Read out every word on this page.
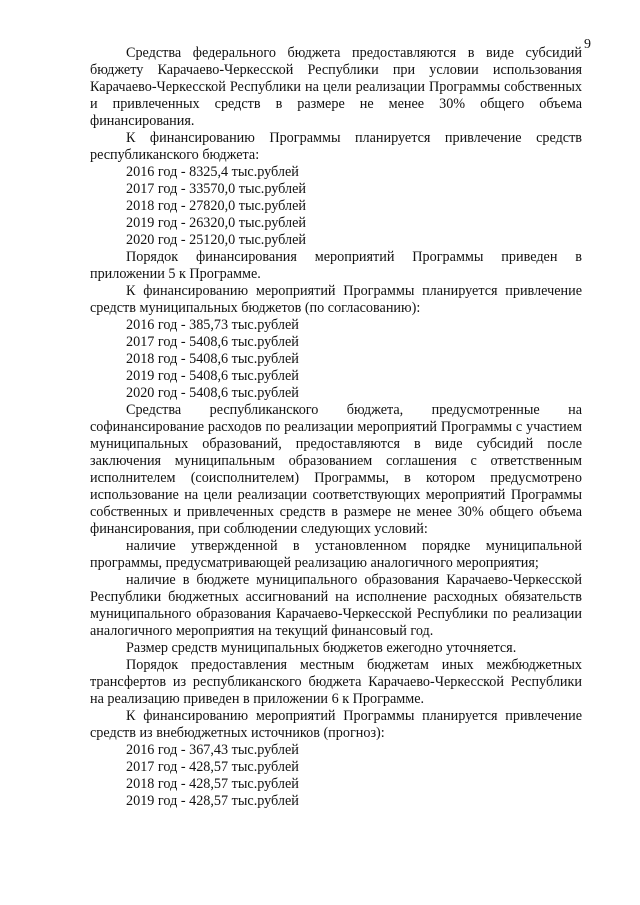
9

Средства федерального бюджета предоставляются в виде субсидий бюджету Карачаево-Черкесской Республики при условии использования Карачаево-Черкесской Республики на цели реализации Программы собственных и привлеченных средств в размере не менее 30% общего объема финансирования.

К финансированию Программы планируется привлечение средств республиканского бюджета:

2016 год - 8325,4 тыс.рублей
2017 год - 33570,0 тыс.рублей
2018 год - 27820,0 тыс.рублей
2019 год - 26320,0 тыс.рублей
2020 год - 25120,0 тыс.рублей

Порядок финансирования мероприятий Программы приведен в приложении 5 к Программе.

К финансированию мероприятий Программы планируется привлечение средств муниципальных бюджетов (по согласованию):

2016 год - 385,73 тыс.рублей
2017 год - 5408,6 тыс.рублей
2018 год - 5408,6 тыс.рублей
2019 год - 5408,6 тыс.рублей
2020 год - 5408,6 тыс.рублей

Средства республиканского бюджета, предусмотренные на софинансирование расходов по реализации мероприятий Программы с участием муниципальных образований, предоставляются в виде субсидий после заключения муниципальным образованием соглашения с ответственным исполнителем (соисполнителем) Программы, в котором предусмотрено использование на цели реализации соответствующих мероприятий Программы собственных и привлеченных средств в размере не менее 30% общего объема финансирования, при соблюдении следующих условий:

наличие утвержденной в установленном порядке муниципальной программы, предусматривающей реализацию аналогичного мероприятия;

наличие в бюджете муниципального образования Карачаево-Черкесской Республики бюджетных ассигнований на исполнение расходных обязательств муниципального образования Карачаево-Черкесской Республики по реализации аналогичного мероприятия на текущий финансовый год.

Размер средств муниципальных бюджетов ежегодно уточняется.

Порядок предоставления местным бюджетам иных межбюджетных трансфертов из республиканского бюджета Карачаево-Черкесской Республики на реализацию приведен в приложении 6 к Программе.

К финансированию мероприятий Программы планируется привлечение средств из внебюджетных источников (прогноз):

2016 год - 367,43 тыс.рублей
2017 год - 428,57 тыс.рублей
2018 год - 428,57 тыс.рублей
2019 год - 428,57 тыс.рублей
